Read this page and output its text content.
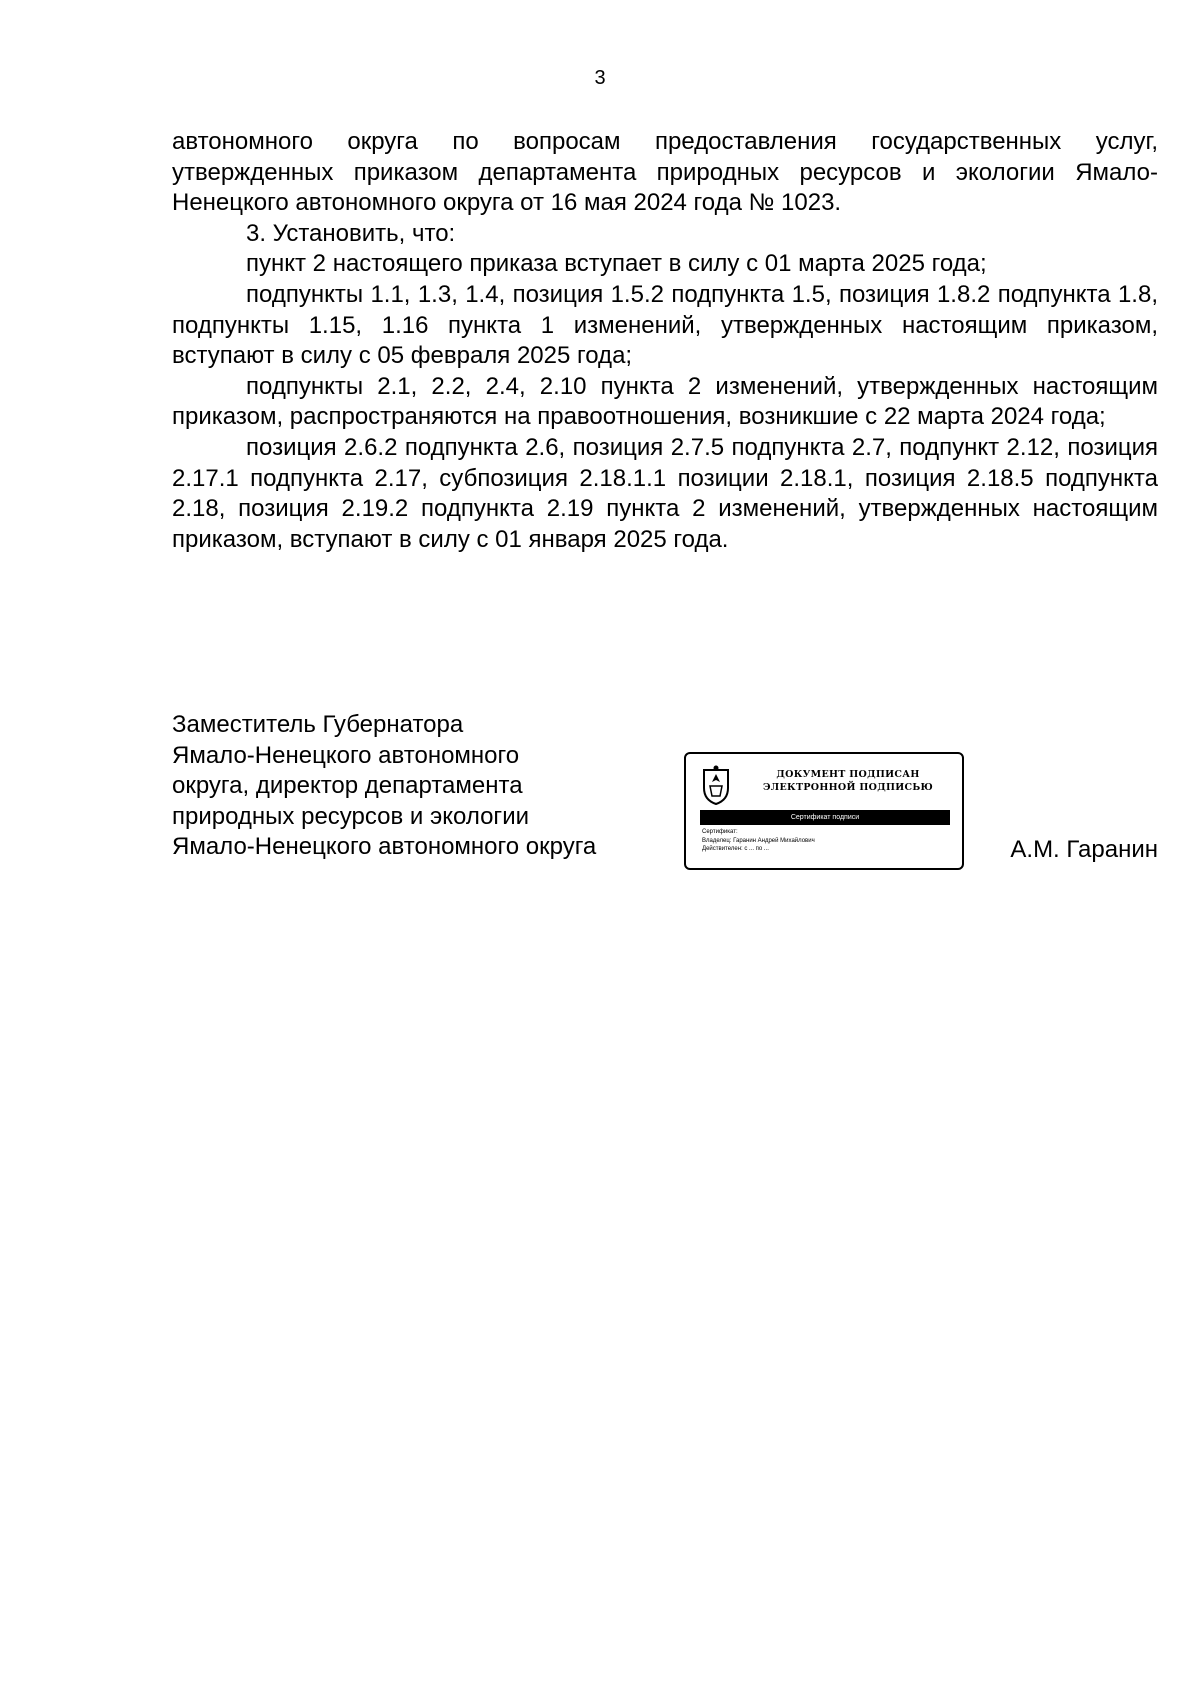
3

автономного округа по вопросам предоставления государственных услуг, утвержденных приказом департамента природных ресурсов и экологии Ямало-Ненецкого автономного округа от 16 мая 2024 года № 1023.

3. Установить, что:

пункт 2 настоящего приказа вступает в силу с 01 марта 2025 года;

подпункты 1.1, 1.3, 1.4, позиция 1.5.2 подпункта 1.5, позиция 1.8.2 подпункта 1.8, подпункты 1.15, 1.16 пункта 1 изменений, утвержденных настоящим приказом, вступают в силу с 05 февраля 2025 года;

подпункты 2.1, 2.2, 2.4, 2.10 пункта 2 изменений, утвержденных настоящим приказом, распространяются на правоотношения, возникшие с 22 марта 2024 года;

позиция 2.6.2 подпункта 2.6, позиция 2.7.5 подпункта 2.7, подпункт 2.12, позиция 2.17.1 подпункта 2.17, субпозиция 2.18.1.1 позиции 2.18.1, позиция 2.18.5 подпункта 2.18, позиция 2.19.2 подпункта 2.19 пункта 2 изменений, утвержденных настоящим приказом, вступают в силу с 01 января 2025 года.

Заместитель Губернатора
Ямало-Ненецкого автономного
округа, директор департамента
природных ресурсов и экологии
Ямало-Ненецкого автономного округа
ДОКУМЕНТ ПОДПИСАН
ЭЛЕКТРОННОЙ ПОДПИСЬЮ
Сертификат подписи
Сертификат:
Владелец: Гаранин Андрей Михайлович
Действителен: с ... по ...	А.М. Гаранин
